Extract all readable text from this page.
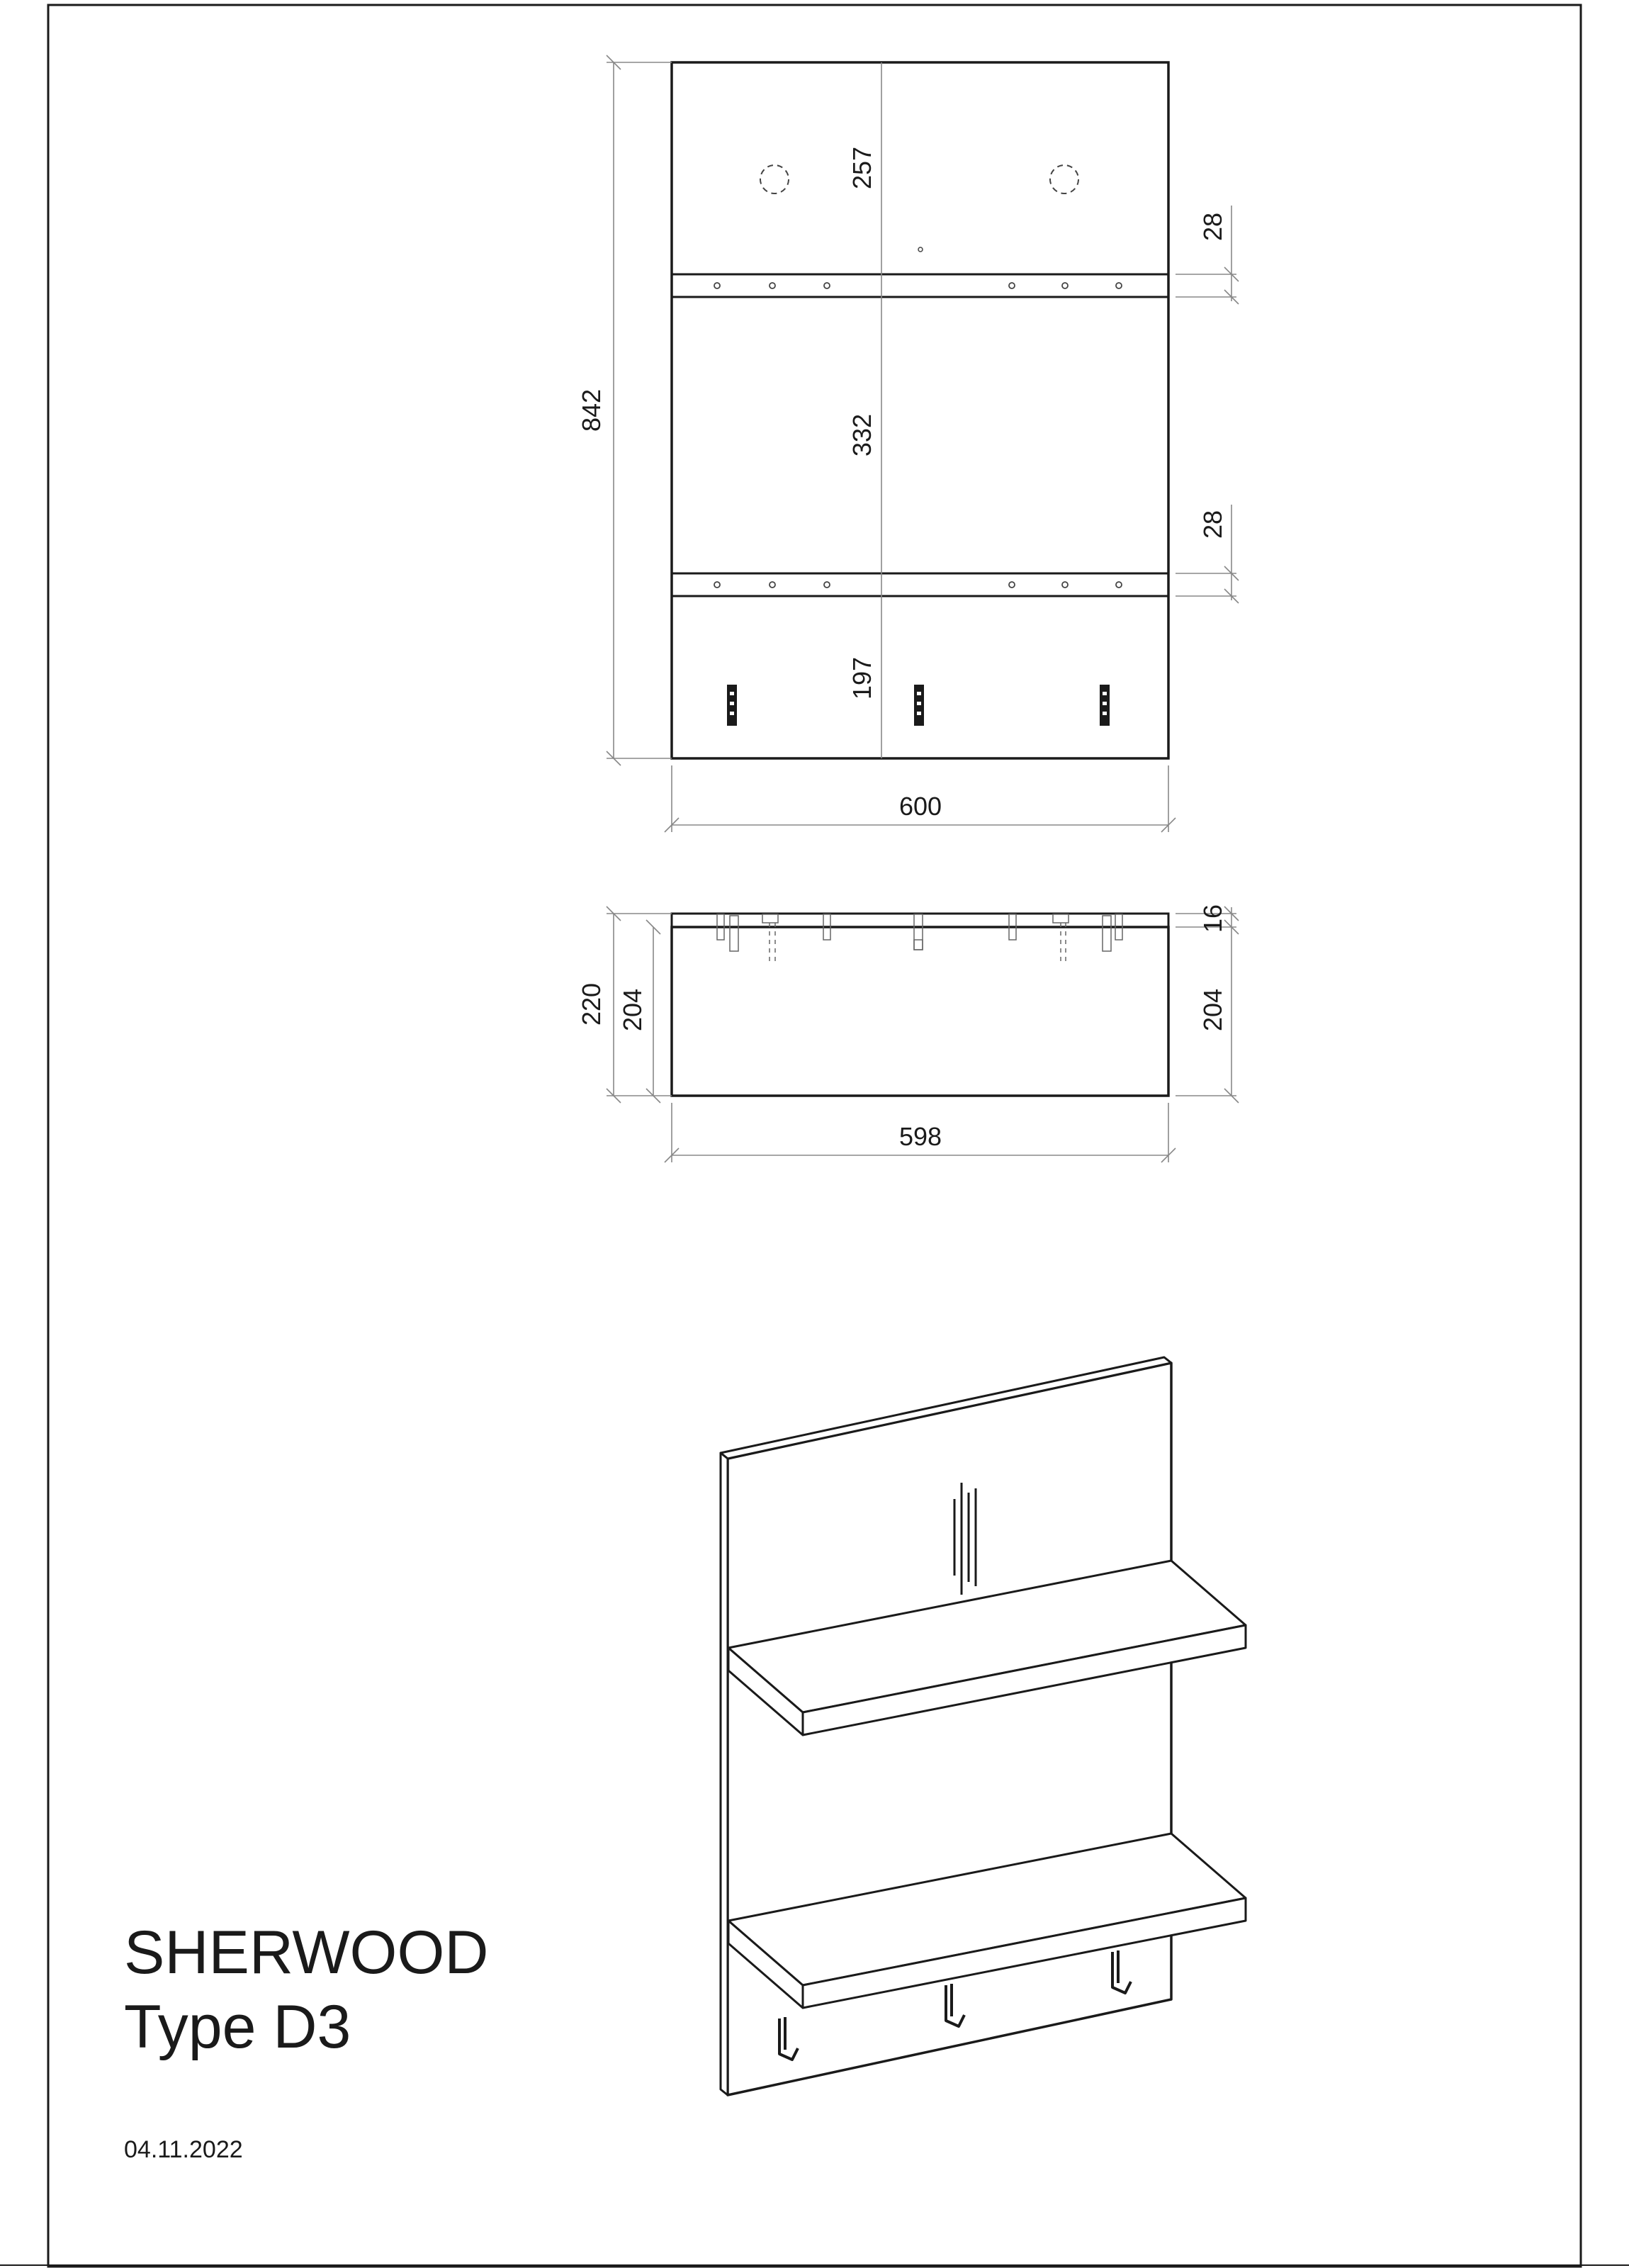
842
600
257
332
197
28
28
220 204
16
204
598
SHERWOOD
Type D3
04.11.2022
